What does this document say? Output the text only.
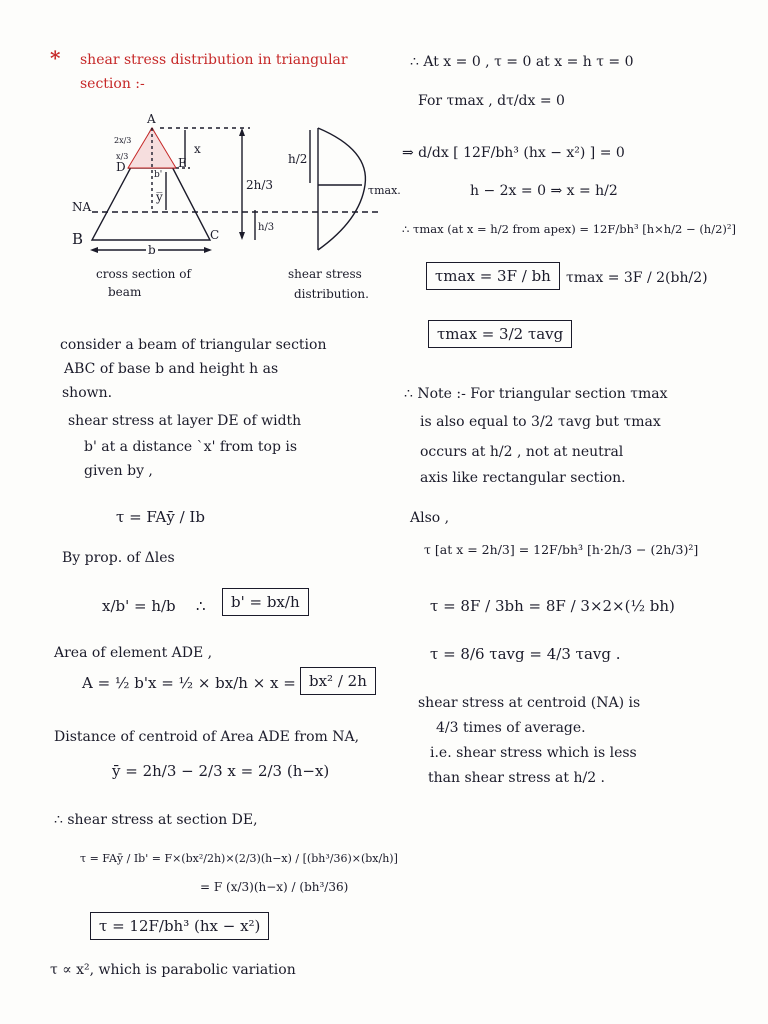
* shear stress distribution in triangular
section :-
A
D	E
B	C
NA
b
b'
y̅
x
2x/3
x/3	h/2
2h/3
h/3
τmax.
cross section of
beam
shear stress
distribution.
consider a beam of triangular section
ABC of base b and height h as
shown.
shear stress at layer DE of width
b' at a distance `x' from top is
given by ,
τ = FAȳ / Ib
By prop. of Δles
x/b' = h/b ∴	b' = bx/h
Area of element ADE ,
A = ½ b'x = ½ × bx/h × x = bx² / 2h
Distance of centroid of Area ADE from NA,
ȳ = 2h/3 − 2/3 x = 2/3 (h−x)
∴ shear stress at section DE,
τ = FAȳ / Ib' = F×(bx²/2h)×(2/3)(h−x) / [(bh³/36)×(bx/h)]
= F (x/3)(h−x) / (bh³/36)
τ = 12F/bh³ (hx − x²)
τ ∝ x², which is parabolic variation
∴ At x = 0 , τ = 0 at x = h τ = 0
For τmax , dτ/dx = 0
⇒ d/dx [ 12F/bh³ (hx − x²) ] = 0
h − 2x = 0 ⇒ x = h/2
∴ τmax (at x = h/2 from apex) = 12F/bh³ [h×h/2 − (h/2)²]
τmax = 3F / bh	τmax = 3F / 2(bh/2)
τmax = 3/2 τavg
∴ Note :- For triangular section τmax
is also equal to 3/2 τavg but τmax
occurs at h/2 , not at neutral
axis like rectangular section.
Also ,
τ [at x = 2h/3] = 12F/bh³ [h·2h/3 − (2h/3)²]
τ = 8F / 3bh = 8F / 3×2×(½ bh)
τ = 8/6 τavg = 4/3 τavg .
shear stress at centroid (NA) is
4/3 times of average.
i.e. shear stress which is less
than shear stress at h/2 .
